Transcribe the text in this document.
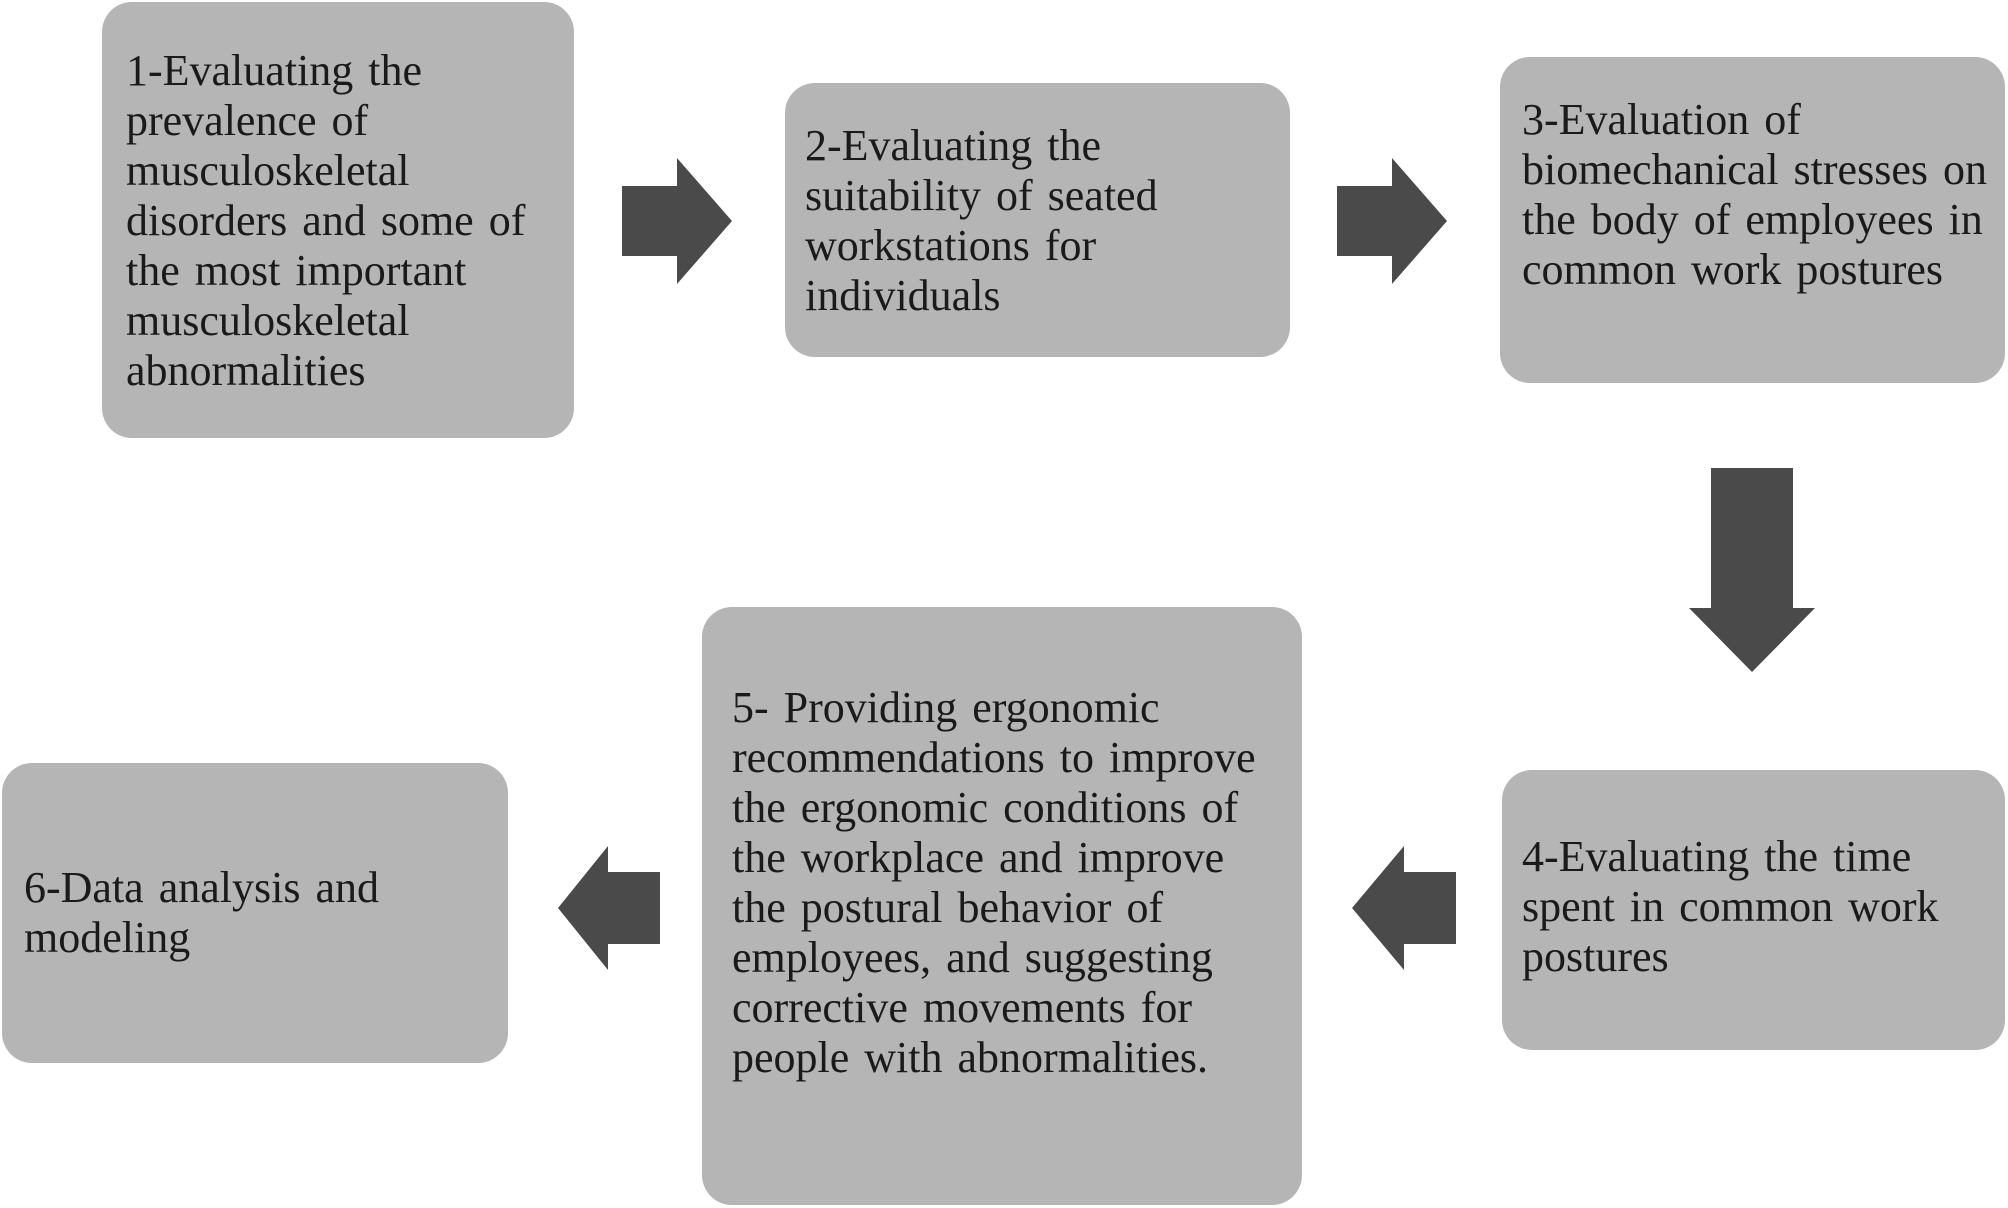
1-Evaluating the prevalence of musculoskeletal disorders and some of the most important musculoskeletal abnormalities
2-Evaluating the suitability of seated workstations for individuals
3-Evaluation of biomechanical stresses on the body of employees in common work postures
4-Evaluating the time spent in common work postures
5- Providing ergonomic recommendations to improve the ergonomic conditions of the workplace and improve the postural behavior of employees, and suggesting corrective movements for people with abnormalities.
6-Data analysis and modeling
